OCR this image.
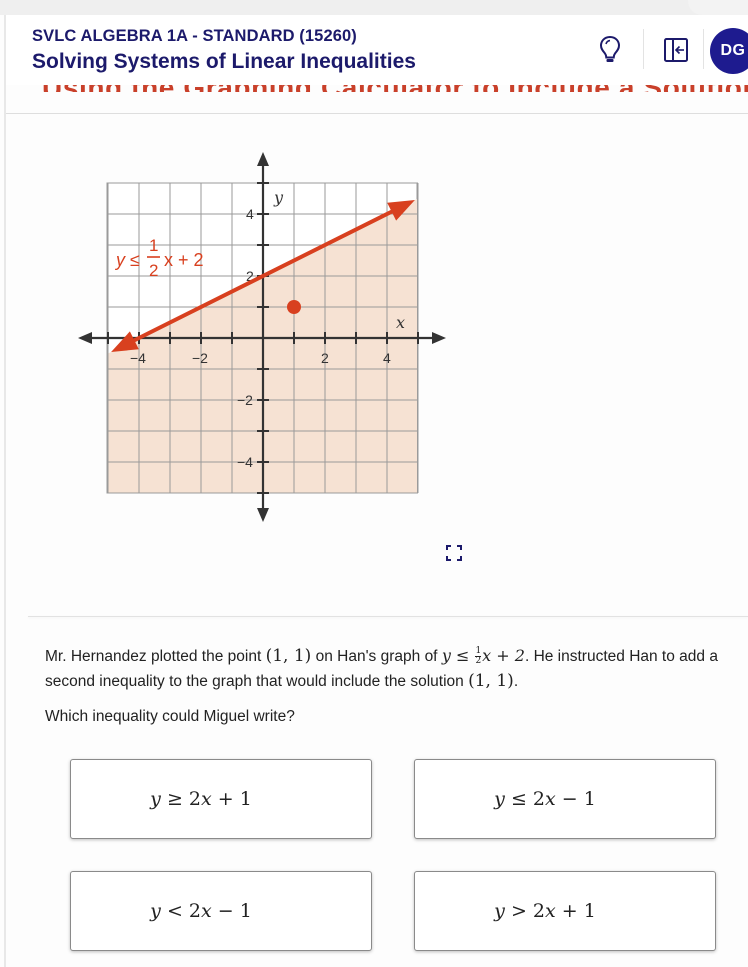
SVLC ALGEBRA 1A - STANDARD (15260)
Solving Systems of Linear Inequalities	DG
−4	−2	2	4
4
2
−2
−4
y
x
y ≤
1
2
x + 2
Mr. Hernandez plotted the point (1, 1) on Han's graph of $y \le \frac{1}{2}$ x + 2. He instructed Han to add a second inequality to the graph that would include the solution (1, 1).
Which inequality could Miguel write?
y ≥ 2x + 1	y ≤ 2x − 1
y < 2x − 1	y > 2x + 1
